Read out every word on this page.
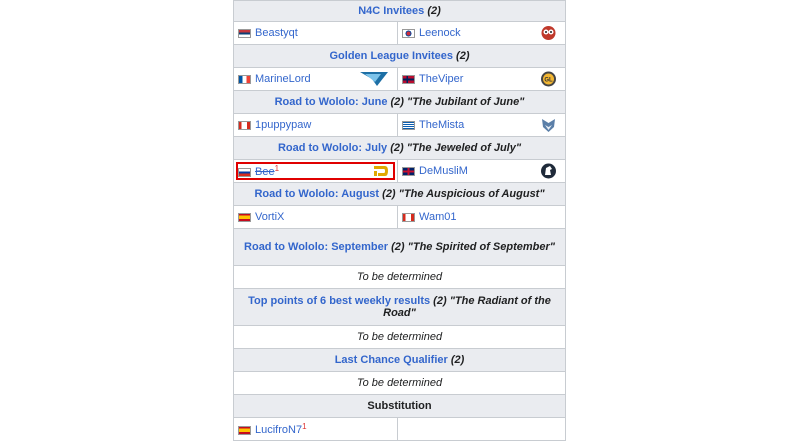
N4C Invitees (2)	
Beastyqt	Leenock

Golden League Invitees (2)	
MarineLord	TheViper GL

Road to Wololo: June (2) "The Jubilant of June"	
1puppypaw	TheMista

Road to Wololo: July (2) "The Jeweled of July"	
Bee$^1$	DeMusliM

Road to Wololo: August (2) "The Auspicious of August"	
VortiX	Wam01
Road to Wololo: September (2) "The Spirited of September"	
To be determined	
Top points of 6 best weekly results (2) "The Radiant of the Road"	
To be determined	
Last Chance Qualifier (2)	
To be determined	
Substitution	
$LucifroN7^1$	
